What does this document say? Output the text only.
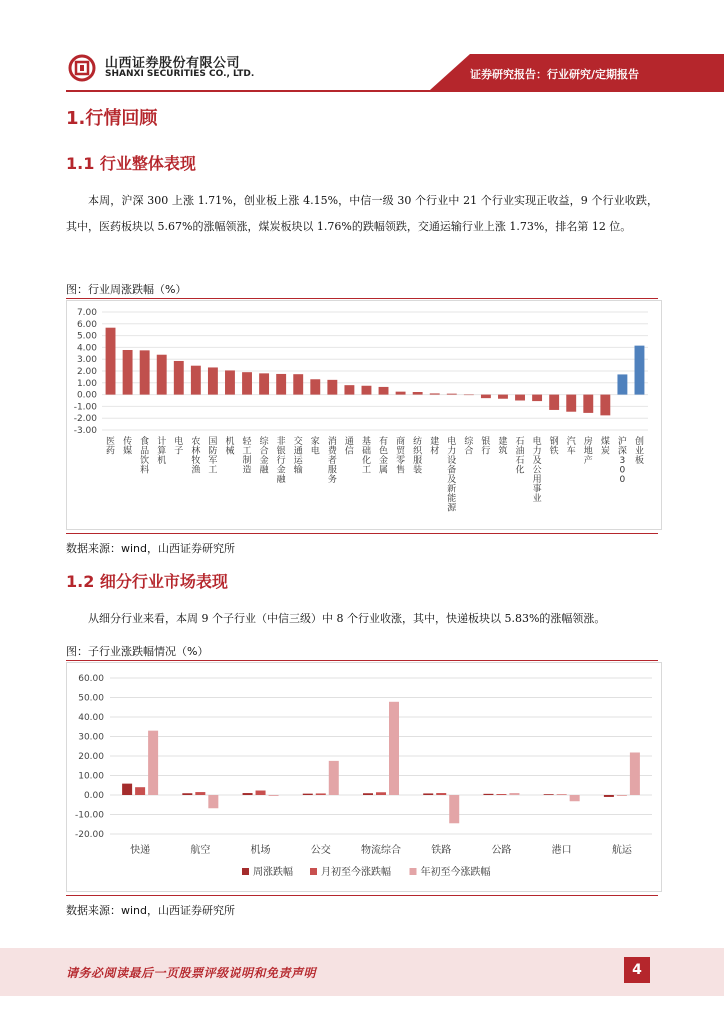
山西证券股份有限公司
SHANXI SECURITIES CO., LTD.	证券研究报告：行业研究/定期报告
1.行情回顾
1.1 行业整体表现

本周，沪深 300 上涨 1.71%，创业板上涨 4.15%，中信一级 30 个行业中 21 个行业实现正收益，9 个行业收跌，其中，医药板块以 5.67%的涨幅领涨，煤炭板块以 1.76%的跌幅领跌，交通运输行业上涨 1.73%，排名第 12 位。

图：行业周涨跌幅（%）
7.00
6.00
5.00
4.00
3.00
2.00
1.00
0.00
-1.00
-2.00
-3.00
医药
传媒
食品饮料
计算机
电子
农林牧渔
国防军工
机械
轻工制造
综合金融
非银行金融
交通运输
家电
消费者服务
通信
基础化工
有色金属
商贸零售
纺织服装
建材
电力设备及新能源
综合
银行
建筑
石油石化
电力及公用事业
钢铁
汽车
房地产
煤炭
沪深 3 0 0
创业板
数据来源：wind，山西证券研究所
1.2 细分行业市场表现

从细分行业来看，本周 9 个子行业（中信三级）中 8 个行业收涨，其中，快递板块以 5.83%的涨幅领涨。

图：子行业涨跌幅情况（%）
60.00
50.00
40.00
30.00
20.00
10.00
0.00
-10.00
-20.00
快递	航空	机场	公交	物流综合	铁路	公路	港口	航运
周涨跌幅	月初至今涨跌幅	年初至今涨跌幅
数据来源：wind，山西证券研究所
请务必阅读最后一页股票评级说明和免责声明	4
